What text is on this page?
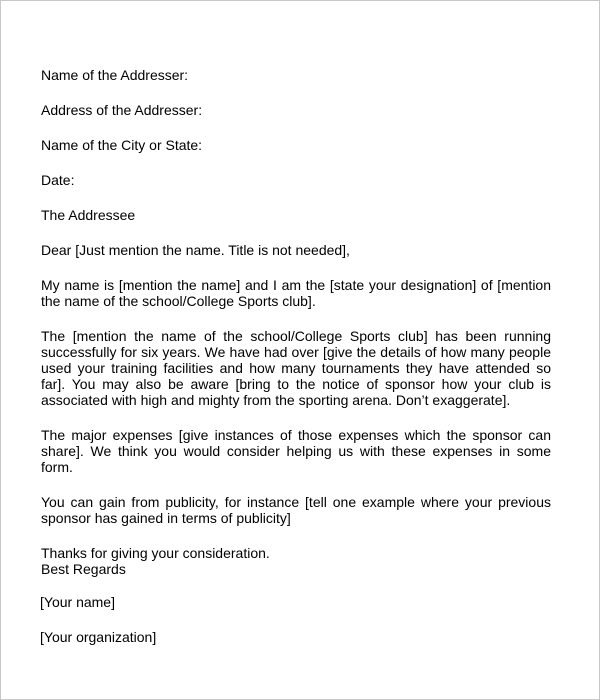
Name of the Addresser:
Address of the Addresser:
Name of the City or State:
Date:
The Addressee
Dear [Just mention the name. Title is not needed],
My name is [mention the name] and I am the [state your designation] of [mention the name of the school/College Sports club].
The [mention the name of the school/College Sports club] has been running successfully for six years. We have had over [give the details of how many people used your training facilities and how many tournaments they have attended so far]. You may also be aware [bring to the notice of sponsor how your club is associated with high and mighty from the sporting arena. Don’t exaggerate].
The major expenses [give instances of those expenses which the sponsor can share]. We think you would consider helping us with these expenses in some form.
You can gain from publicity, for instance [tell one example where your previous sponsor has gained in terms of publicity]
Thanks for giving your consideration.
Best Regards
[Your name]
[Your organization]
